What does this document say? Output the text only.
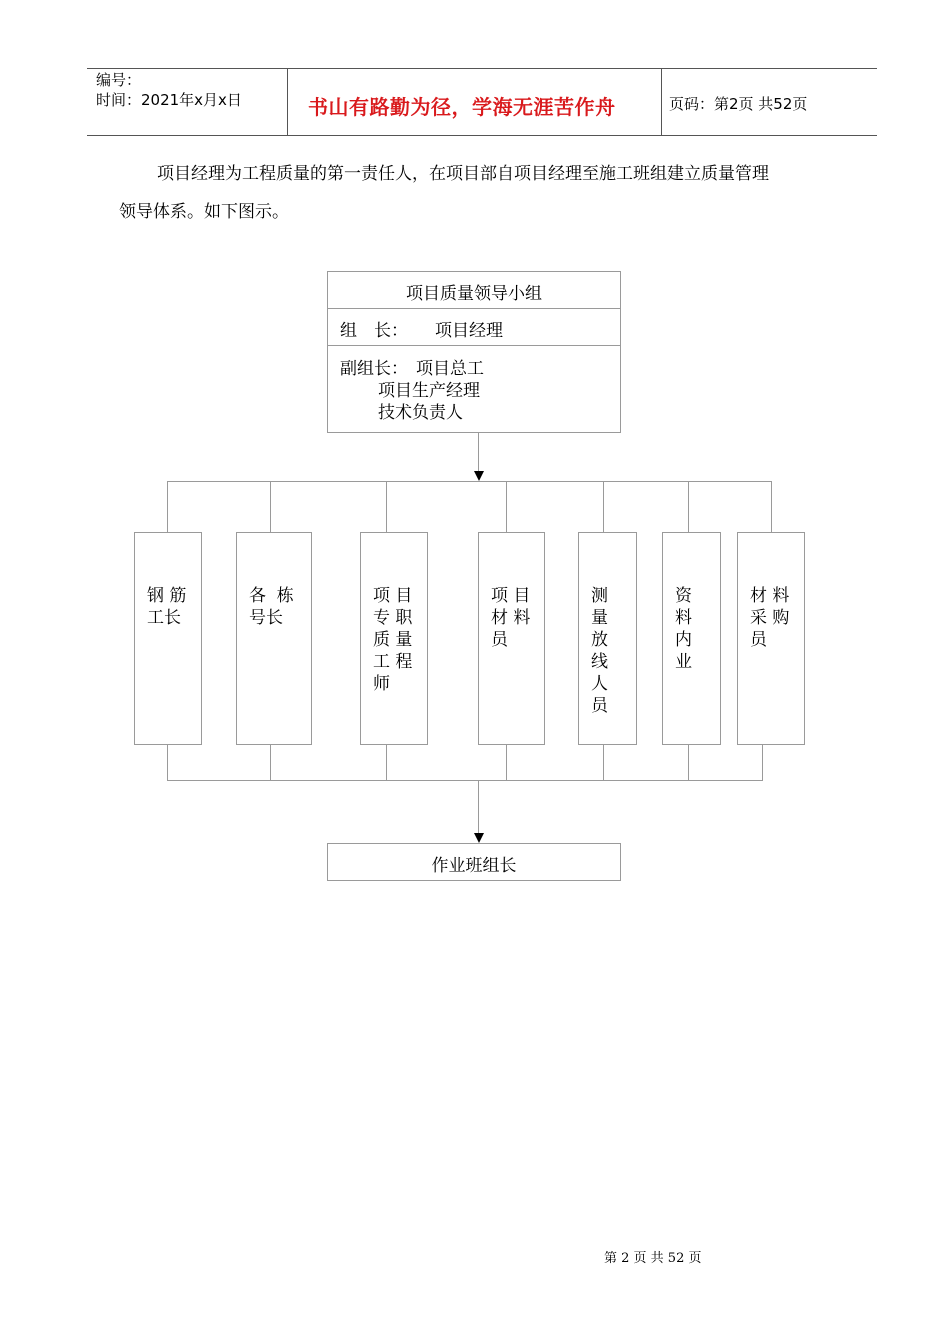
编号：
时间：2021年x月x日	书山有路勤为径，学海无涯苦作舟	页码：第2页 共52页
项目经理为工程质量的第一责任人，在项目部自项目经理至施工班组建立质量管理
领导体系。如下图示。
项目质量领导小组
组　长： 项目经理
副组长： 项目总工
项目生产经理
技术负责人

钢 筋
工长

各  栋
号长

项 目
专 职
质 量
工 程
师

项 目
材 料
员

测
量
放
线
人
员

资
料
内
业

材 料
采 购
员

作业班组长
第 2 页 共 52 页
